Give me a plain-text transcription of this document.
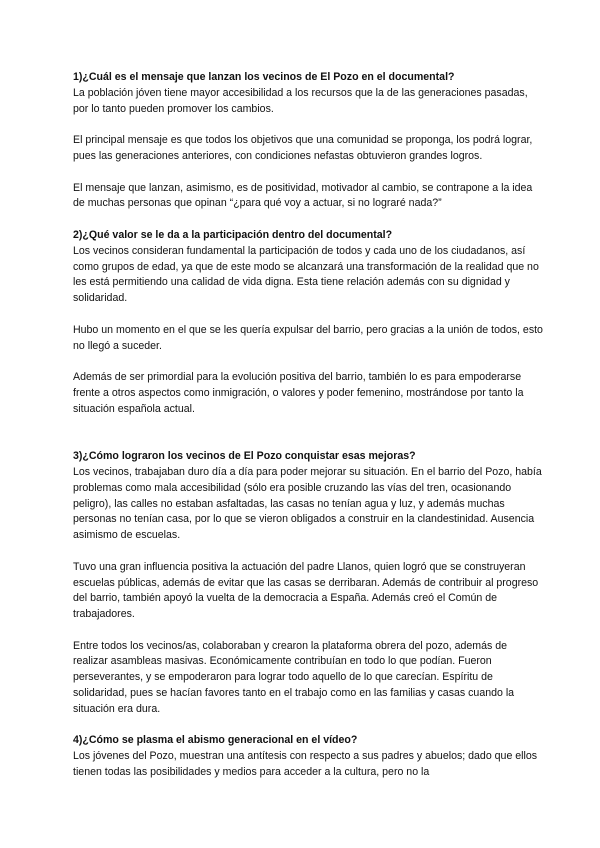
1)¿Cuál es el mensaje que lanzan los vecinos de El Pozo en el documental?

La población jóven tiene mayor accesibilidad a los recursos que la de las generaciones pasadas, por lo tanto pueden promover los cambios.

El principal mensaje es que todos los objetivos que una comunidad se proponga, los podrá lograr, pues las generaciones anteriores, con condiciones nefastas obtuvieron grandes logros.

El mensaje que lanzan, asimismo, es de positividad, motivador al cambio, se contrapone a la idea de muchas personas que opinan “¿para qué voy a actuar, si no lograré nada?”

2)¿Qué valor se le da a la participación dentro del documental?

Los vecinos consideran fundamental la participación de todos y cada uno de los ciudadanos, así como grupos de edad, ya que de este modo se alcanzará una transformación de la realidad que no les está permitiendo una calidad de vida digna. Esta tiene relación además con su dignidad y solidaridad.

Hubo un momento en el que se les quería expulsar del barrio, pero gracias a la unión de todos, esto no llegó a suceder.

Además de ser primordial para la evolución positiva del barrio, también lo es para empoderarse frente a otros aspectos como inmigración, o valores y poder femenino, mostrándose por tanto la situación española actual.

3)¿Cómo lograron los vecinos de El Pozo conquistar esas mejoras?

Los vecinos, trabajaban duro día a día para poder mejorar su situación. En el barrio del Pozo, había problemas como mala accesibilidad (sólo era posible cruzando las vías del tren, ocasionando peligro), las calles no estaban asfaltadas, las casas no tenían agua y luz, y además muchas personas no tenían casa, por lo que se vieron obligados a construir en la clandestinidad. Ausencia asimismo de escuelas.

Tuvo una gran influencia positiva la actuación del padre Llanos, quien logró que se construyeran escuelas públicas, además de evitar que las casas se derribaran. Además de contribuir al progreso del barrio, también apoyó la vuelta de la democracia a España. Además creó el Común de trabajadores.

Entre todos los vecinos/as, colaboraban y crearon la plataforma obrera del pozo, además de realizar asambleas masivas. Económicamente contribuían en todo lo que podían. Fueron perseverantes, y se empoderaron para lograr todo aquello de lo que carecían. Espíritu de solidaridad, pues se hacían favores tanto en el trabajo como en las familias y casas cuando la situación era dura.

4)¿Cómo se plasma el abismo generacional en el vídeo?

Los jóvenes del Pozo, muestran una antítesis con respecto a sus padres y abuelos; dado que ellos tienen todas las posibilidades y medios para acceder a la cultura, pero no la
